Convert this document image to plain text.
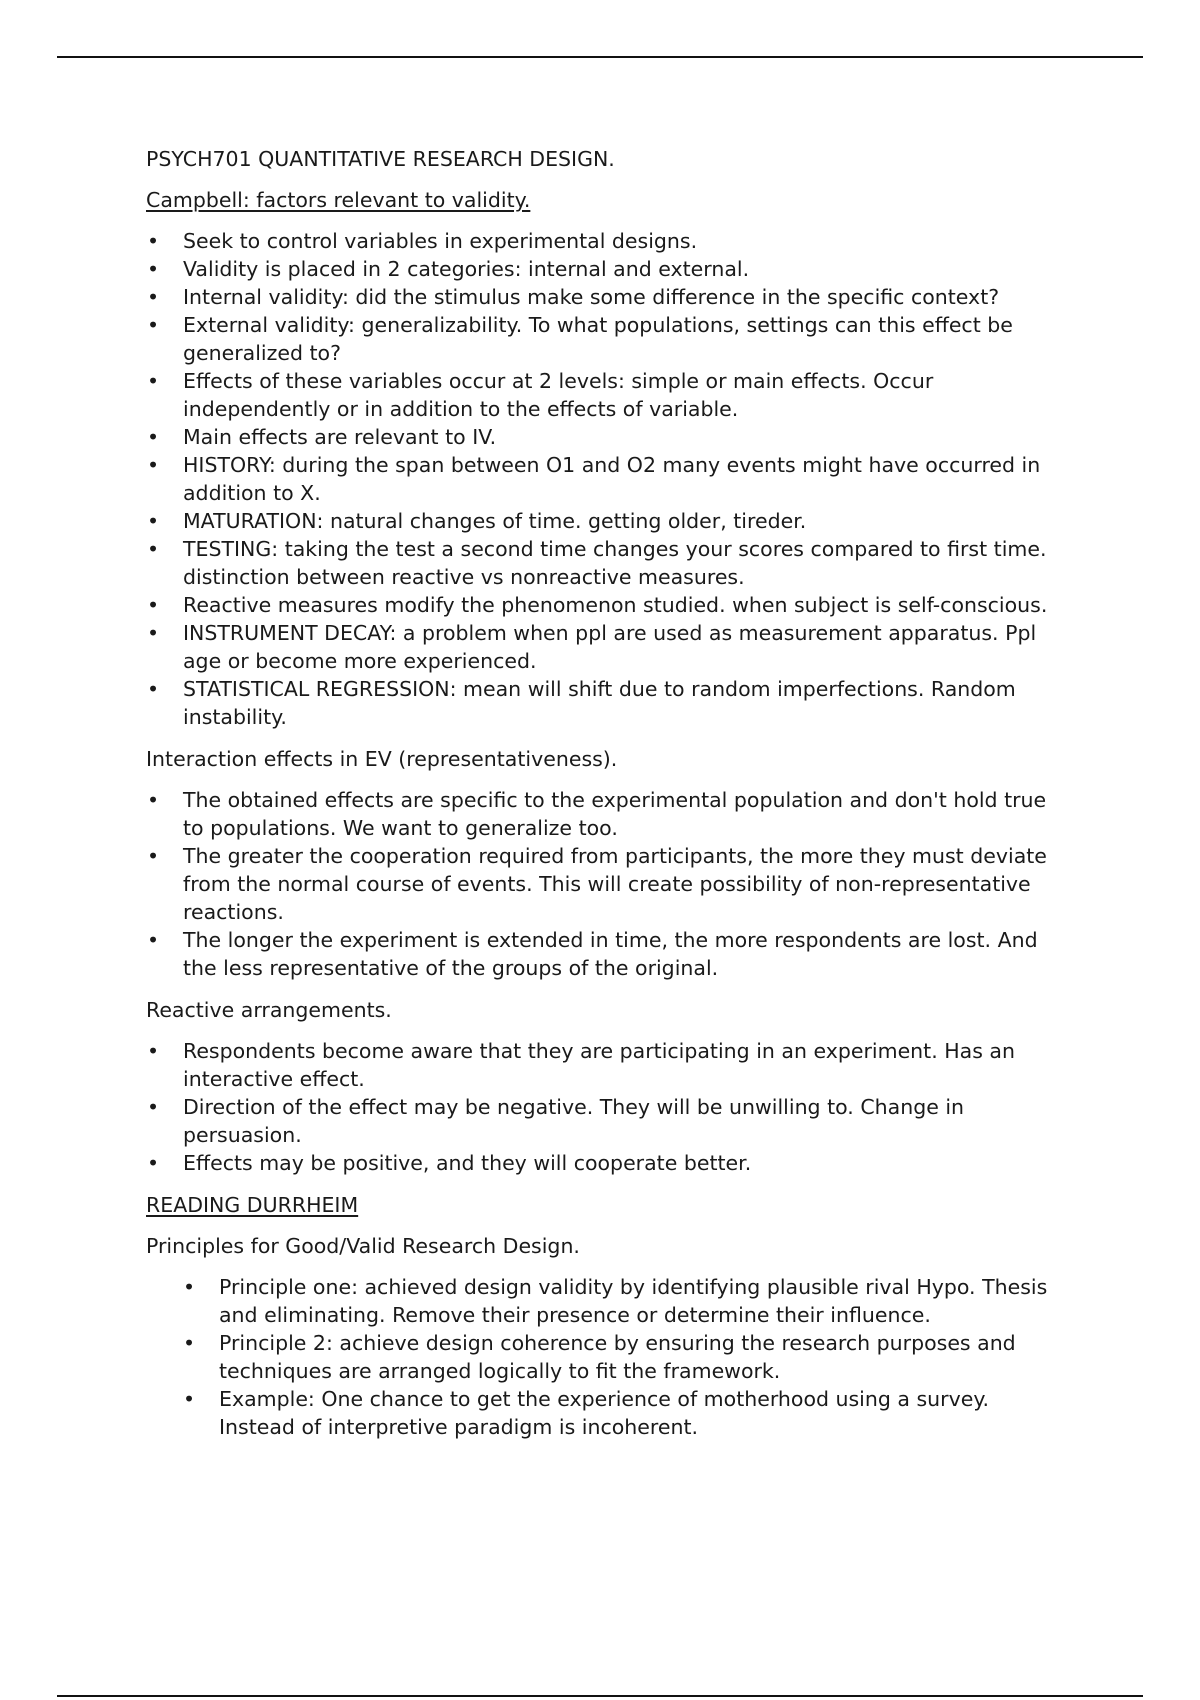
PSYCH701 QUANTITATIVE RESEARCH DESIGN.

Campbell: factors relevant to validity.

• Seek to control variables in experimental designs.
• Validity is placed in 2 categories: internal and external.
• Internal validity: did the stimulus make some difference in the specific context?
• External validity: generalizability. To what populations, settings can this effect be generalized to?
• Effects of these variables occur at 2 levels: simple or main effects. Occur independently or in addition to the effects of variable.
• Main effects are relevant to IV.
• HISTORY: during the span between O1 and O2 many events might have occurred in addition to X.
• MATURATION: natural changes of time. getting older, tireder.
• TESTING: taking the test a second time changes your scores compared to first time. distinction between reactive vs nonreactive measures.
• Reactive measures modify the phenomenon studied. when subject is self-conscious.
• INSTRUMENT DECAY: a problem when ppl are used as measurement apparatus. Ppl age or become more experienced.
• STATISTICAL REGRESSION: mean will shift due to random imperfections. Random instability.

Interaction effects in EV (representativeness).

• The obtained effects are specific to the experimental population and don't hold true to populations. We want to generalize too.
• The greater the cooperation required from participants, the more they must deviate from the normal course of events. This will create possibility of non-representative reactions.
• The longer the experiment is extended in time, the more respondents are lost. And the less representative of the groups of the original.

Reactive arrangements.

• Respondents become aware that they are participating in an experiment. Has an interactive effect.
• Direction of the effect may be negative. They will be unwilling to. Change in persuasion.
• Effects may be positive, and they will cooperate better.

READING DURRHEIM

Principles for Good/Valid Research Design.

• Principle one: achieved design validity by identifying plausible rival Hypo. Thesis and eliminating. Remove their presence or determine their influence.
• Principle 2: achieve design coherence by ensuring the research purposes and techniques are arranged logically to fit the framework.
• Example: One chance to get the experience of motherhood using a survey. Instead of interpretive paradigm is incoherent.
